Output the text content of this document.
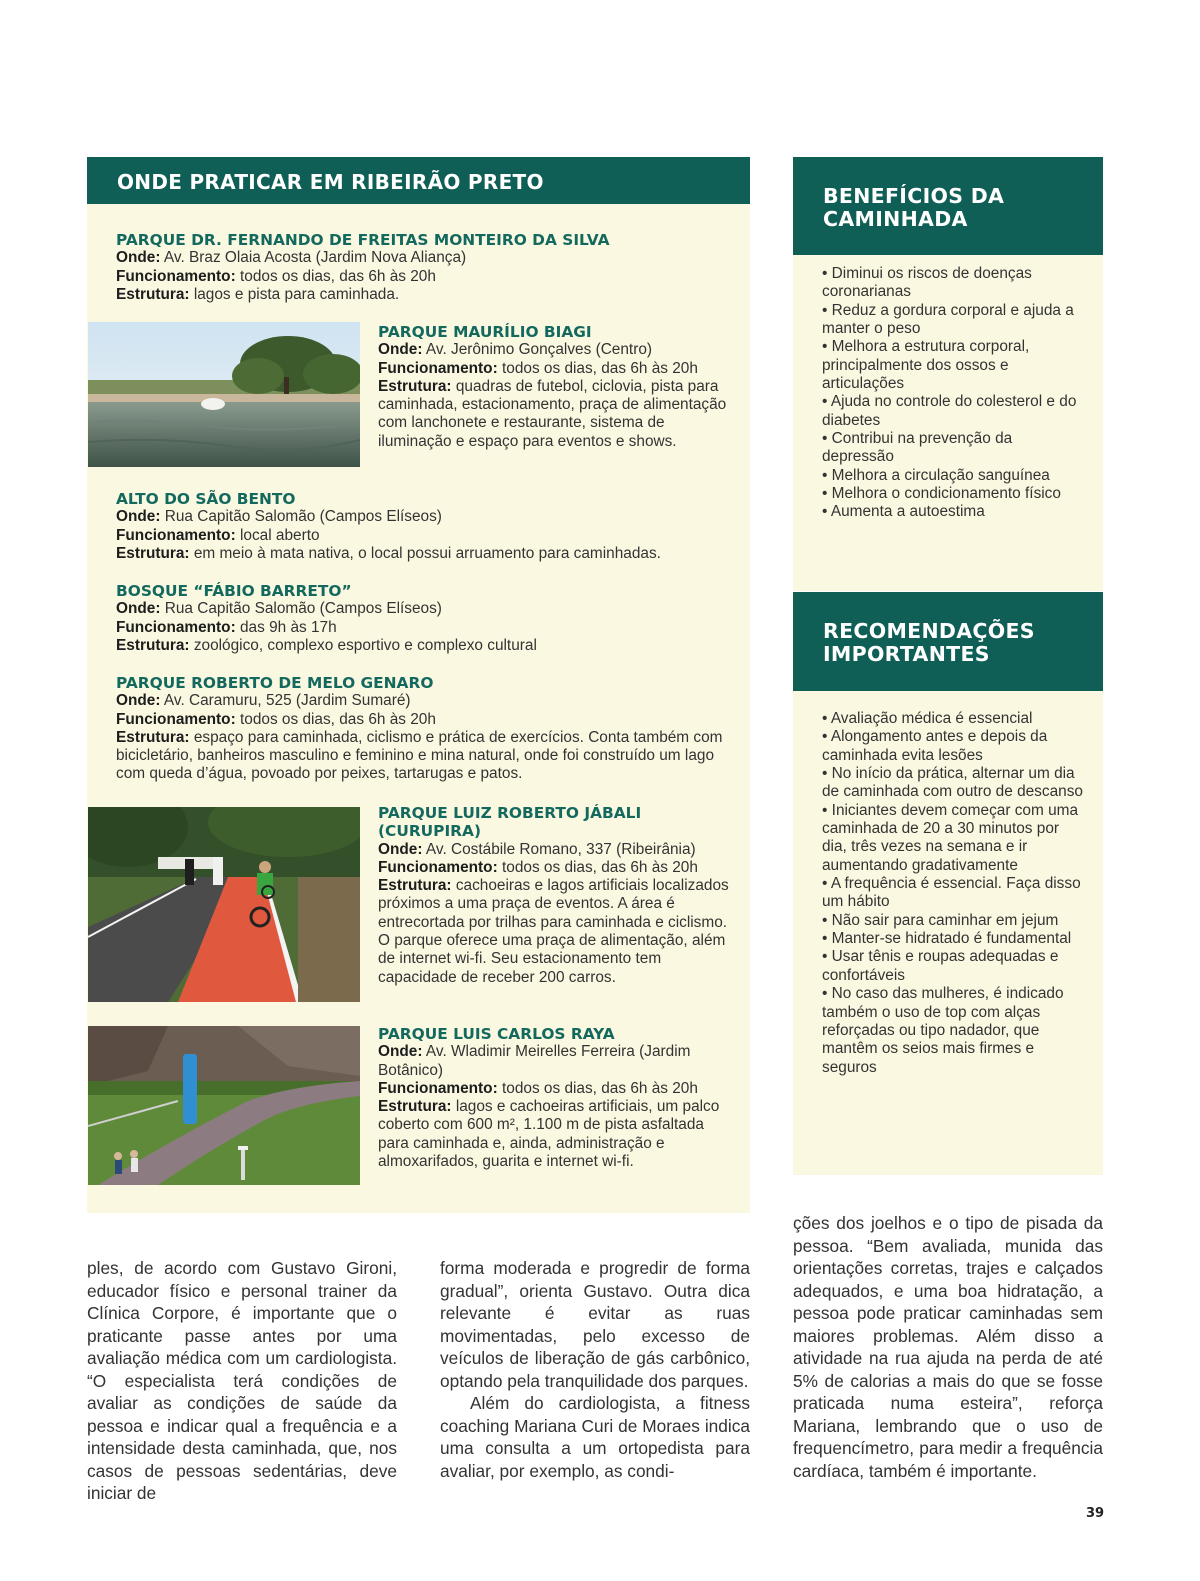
ONDE PRATICAR EM RIBEIRÃO PRETO
PARQUE DR. FERNANDO DE FREITAS MONTEIRO DA SILVA
Onde: Av. Braz Olaia Acosta (Jardim Nova Aliança)
Funcionamento: todos os dias, das 6h às 20h
Estrutura: lagos e pista para caminhada.
PARQUE MAURÍLIO BIAGI
Onde: Av. Jerônimo Gonçalves (Centro)
Funcionamento: todos os dias, das 6h às 20h
Estrutura: quadras de futebol, ciclovia, pista para caminhada, estacionamento, praça de alimentação com lanchonete e restaurante, sistema de iluminação e espaço para eventos e shows.
ALTO DO SÃO BENTO
Onde: Rua Capitão Salomão (Campos Elíseos)
Funcionamento: local aberto
Estrutura: em meio à mata nativa, o local possui arruamento para caminhadas.
BOSQUE “FÁBIO BARRETO”
Onde: Rua Capitão Salomão (Campos Elíseos)
Funcionamento: das 9h às 17h
Estrutura: zoológico, complexo esportivo e complexo cultural
PARQUE ROBERTO DE MELO GENARO
Onde: Av. Caramuru, 525 (Jardim Sumaré)
Funcionamento: todos os dias, das 6h às 20h
Estrutura: espaço para caminhada, ciclismo e prática de exercícios. Conta também com bicicletário, banheiros masculino e feminino e mina natural, onde foi construído um lago com queda d’água, povoado por peixes, tartarugas e patos.
PARQUE LUIZ ROBERTO JÁBALI (CURUPIRA)
Onde: Av. Costábile Romano, 337 (Ribeirânia)
Funcionamento: todos os dias, das 6h às 20h
Estrutura: cachoeiras e lagos artificiais localizados próximos a uma praça de eventos. A área é entrecortada por trilhas para caminhada e ciclismo. O parque oferece uma praça de alimentação, além de internet wi-fi. Seu estacionamento tem capacidade de receber 200 carros.
PARQUE LUIS CARLOS RAYA
Onde: Av. Wladimir Meirelles Ferreira (Jardim Botânico)
Funcionamento: todos os dias, das 6h às 20h
Estrutura: lagos e cachoeiras artificiais, um palco coberto com 600 m², 1.100 m de pista asfaltada para caminhada e, ainda, administração e almoxarifados, guarita e internet wi-fi.
BENEFÍCIOS DA
CAMINHADA
• Diminui os riscos de doenças coronarianas
• Reduz a gordura corporal e ajuda a manter o peso
• Melhora a estrutura corporal, principalmente dos ossos e articulações
• Ajuda no controle do colesterol e do diabetes
• Contribui na prevenção da depressão
• Melhora a circulação sanguínea
• Melhora o condicionamento físico
• Aumenta a autoestima
RECOMENDAÇÕES
IMPORTANTES
• Avaliação médica é essencial
• Alongamento antes e depois da caminhada evita lesões
• No início da prática, alternar um dia de caminhada com outro de descanso
• Iniciantes devem começar com uma caminhada de 20 a 30 minutos por dia, três vezes na semana e ir aumentando gradativamente
• A frequência é essencial. Faça disso um hábito
• Não sair para caminhar em jejum
• Manter-se hidratado é fundamental
• Usar tênis e roupas adequadas e confortáveis
• No caso das mulheres, é indicado também o uso de top com alças reforçadas ou tipo nadador, que mantêm os seios mais firmes e seguros

ples, de acordo com Gustavo Gironi, educador físico e personal trainer da Clínica Corpore, é importante que o praticante passe antes por uma avaliação médica com um cardiologista. “O especialista terá condições de avaliar as condições de saúde da pessoa e indicar qual a frequência e a intensidade desta caminhada, que, nos casos de pessoas sedentárias, deve iniciar de

forma moderada e progredir de forma gradual”, orienta Gustavo. Outra dica relevante é evitar as ruas movimentadas, pelo excesso de veículos de liberação de gás carbônico, optando pela tranquilidade dos parques.

Além do cardiologista, a fitness coaching Mariana Curi de Moraes indica uma consulta a um ortopedista para avaliar, por exemplo, as condi-

ções dos joelhos e o tipo de pisada da pessoa. “Bem avaliada, munida das orientações corretas, trajes e calçados adequados, e uma boa hidratação, a pessoa pode praticar caminhadas sem maiores problemas. Além disso a atividade na rua ajuda na perda de até 5% de calorias a mais do que se fosse praticada numa esteira”, reforça Mariana, lembrando que o uso de frequencímetro, para medir a frequência cardíaca, também é importante.

39
